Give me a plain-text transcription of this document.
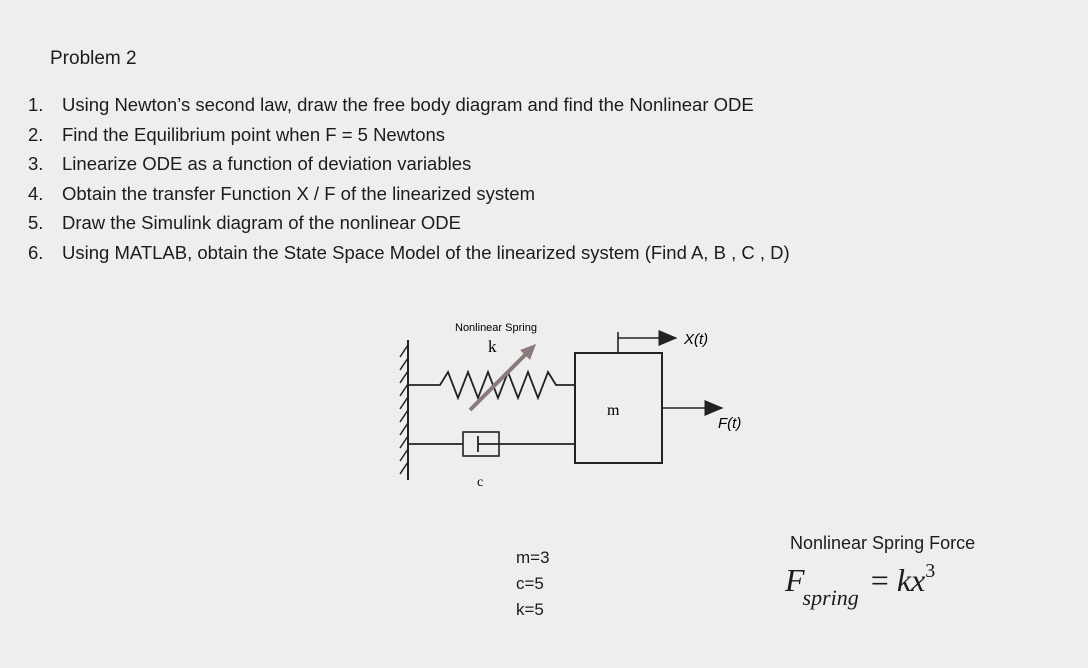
Problem 2
1.	Using Newton’s second law, draw the free body diagram and find the Nonlinear ODE
2.	Find the Equilibrium point when F = 5 Newtons
3.	Linearize ODE as a function of deviation variables
4.	Obtain the transfer Function X / F of the linearized system
5.	Draw the Simulink diagram of the nonlinear ODE
6.	Using MATLAB, obtain the State Space Model of the linearized system (Find A, B , C , D)
Nonlinear Spring
k
c
m
X(t)
F(t)
m=3
c=5
k=5
Nonlinear Spring Force
$F_{spring} = kx^3$
